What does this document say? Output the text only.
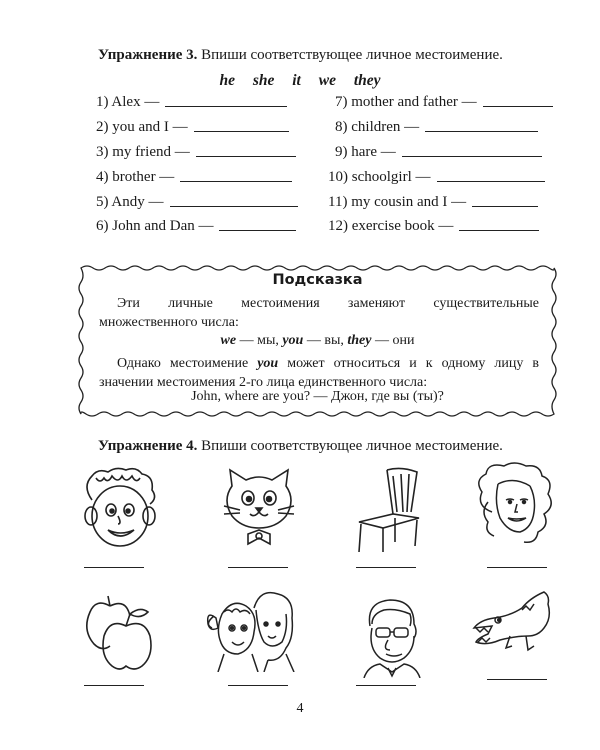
Упражнение 3. Впиши соответствующее личное местоимение.
he she it we they
1) Alex —
2) you and I —
3) my friend —
4) brother —
5) Andy —
6) John and Dan —
7) mother and father —
8) children —
9) hare —
10) schoolgirl —
11) my cousin and I —
12) exercise book —
Подсказка
Эти личные местоимения заменяют существительные множественного числа:
we — мы, you — вы, they — они
Однако местоимение you может относиться и к одному лицу в значении местоимения 2-го лица единственного числа:
John, where are you? — Джон, где вы (ты)?
Упражнение 4. Впиши соответствующее личное местоимение.
4
